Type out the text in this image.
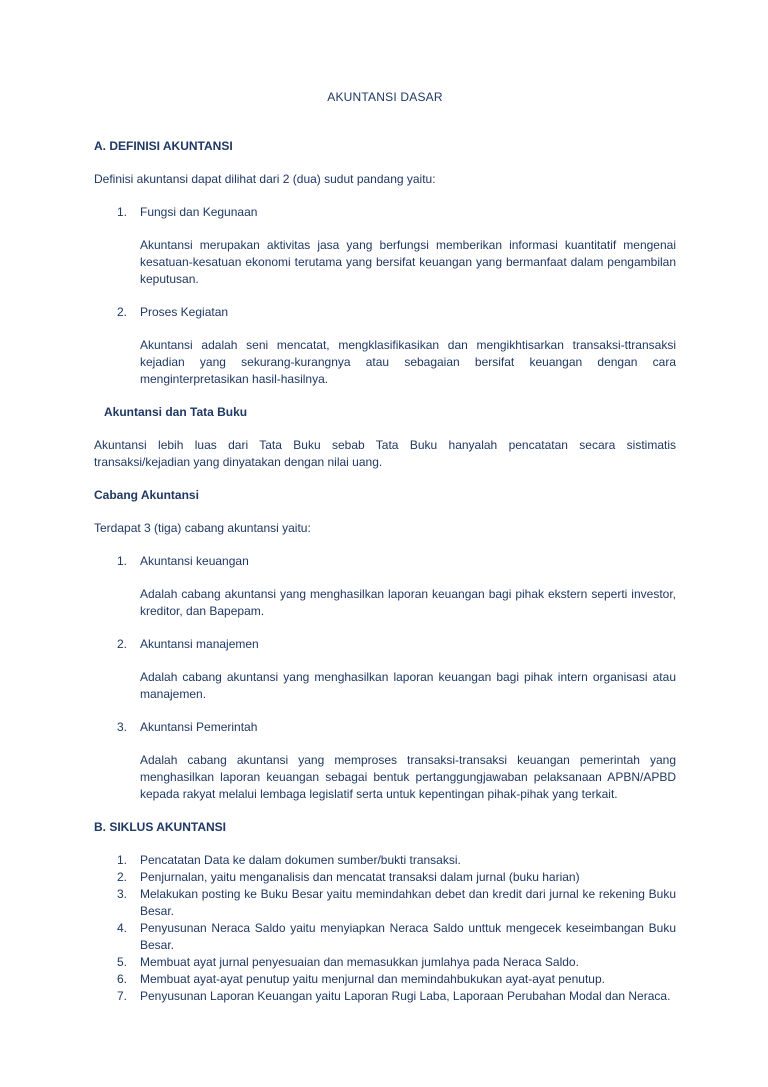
AKUNTANSI DASAR
A. DEFINISI AKUNTANSI

Definisi akuntansi dapat dilihat dari 2 (dua) sudut pandang yaitu:

1.	Fungsi dan Kegunaan

Akuntansi merupakan aktivitas jasa yang berfungsi memberikan informasi kuantitatif mengenai kesatuan-kesatuan ekonomi terutama yang bersifat keuangan yang bermanfaat dalam pengambilan keputusan.

2.	Proses Kegiatan

Akuntansi adalah seni mencatat, mengklasifikasikan dan mengikhtisarkan transaksi-ttransaksi kejadian yang sekurang-kurangnya atau sebagaian bersifat keuangan dengan cara menginterpretasikan hasil-hasilnya.

Akuntansi dan Tata Buku

Akuntansi lebih luas dari Tata Buku sebab Tata Buku hanyalah pencatatan secara sistimatis transaksi/kejadian yang dinyatakan dengan nilai uang.

Cabang Akuntansi

Terdapat 3 (tiga) cabang akuntansi yaitu:

1.	Akuntansi keuangan

Adalah cabang akuntansi yang menghasilkan laporan keuangan bagi pihak ekstern seperti investor, kreditor, dan Bapepam.

2.	Akuntansi manajemen

Adalah cabang akuntansi yang menghasilkan laporan keuangan bagi pihak intern organisasi atau manajemen.

3.	Akuntansi Pemerintah

Adalah cabang akuntansi yang memproses transaksi-transaksi keuangan pemerintah yang menghasilkan laporan keuangan sebagai bentuk pertanggungjawaban pelaksanaan APBN/APBD kepada rakyat melalui lembaga legislatif serta untuk kepentingan pihak-pihak yang terkait.

B. SIKLUS AKUNTANSI
1.	Pencatatan Data ke dalam dokumen sumber/bukti transaksi.
2.	Penjurnalan, yaitu menganalisis dan mencatat transaksi dalam jurnal (buku harian)
3.	Melakukan posting ke Buku Besar yaitu memindahkan debet dan kredit dari jurnal ke rekening Buku Besar.
4.	Penyusunan Neraca Saldo yaitu menyiapkan Neraca Saldo unttuk mengecek keseimbangan Buku Besar.
5.	Membuat ayat jurnal penyesuaian dan memasukkan jumlahya pada Neraca Saldo.
6.	Membuat ayat-ayat penutup yaitu menjurnal dan memindahbukukan ayat-ayat penutup.
7.	Penyusunan Laporan Keuangan yaitu Laporan Rugi Laba, Laporaan Perubahan Modal dan Neraca.
